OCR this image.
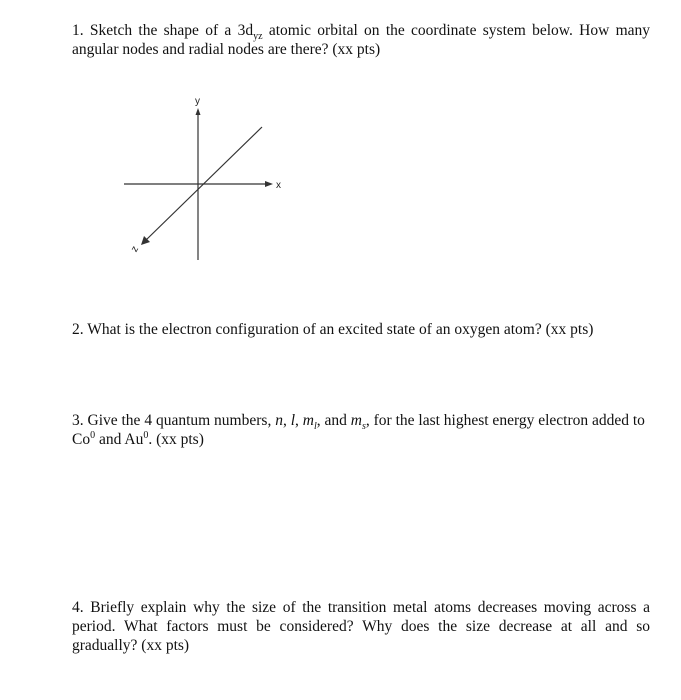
1. Sketch the shape of a $3d_{yz}$ atomic orbital on the coordinate system below. How many angular nodes and radial nodes are there? (xx pts)

y
x
z

2. What is the electron configuration of an excited state of an oxygen atom? (xx pts)

3. Give the 4 quantum numbers, n, l, $m_l$, and $m_s$, for the last highest energy electron added to Co$^0$ and Au$^0$. (xx pts)

4. Briefly explain why the size of the transition metal atoms decreases moving across a period. What factors must be considered? Why does the size decrease at all and so gradually? (xx pts)
